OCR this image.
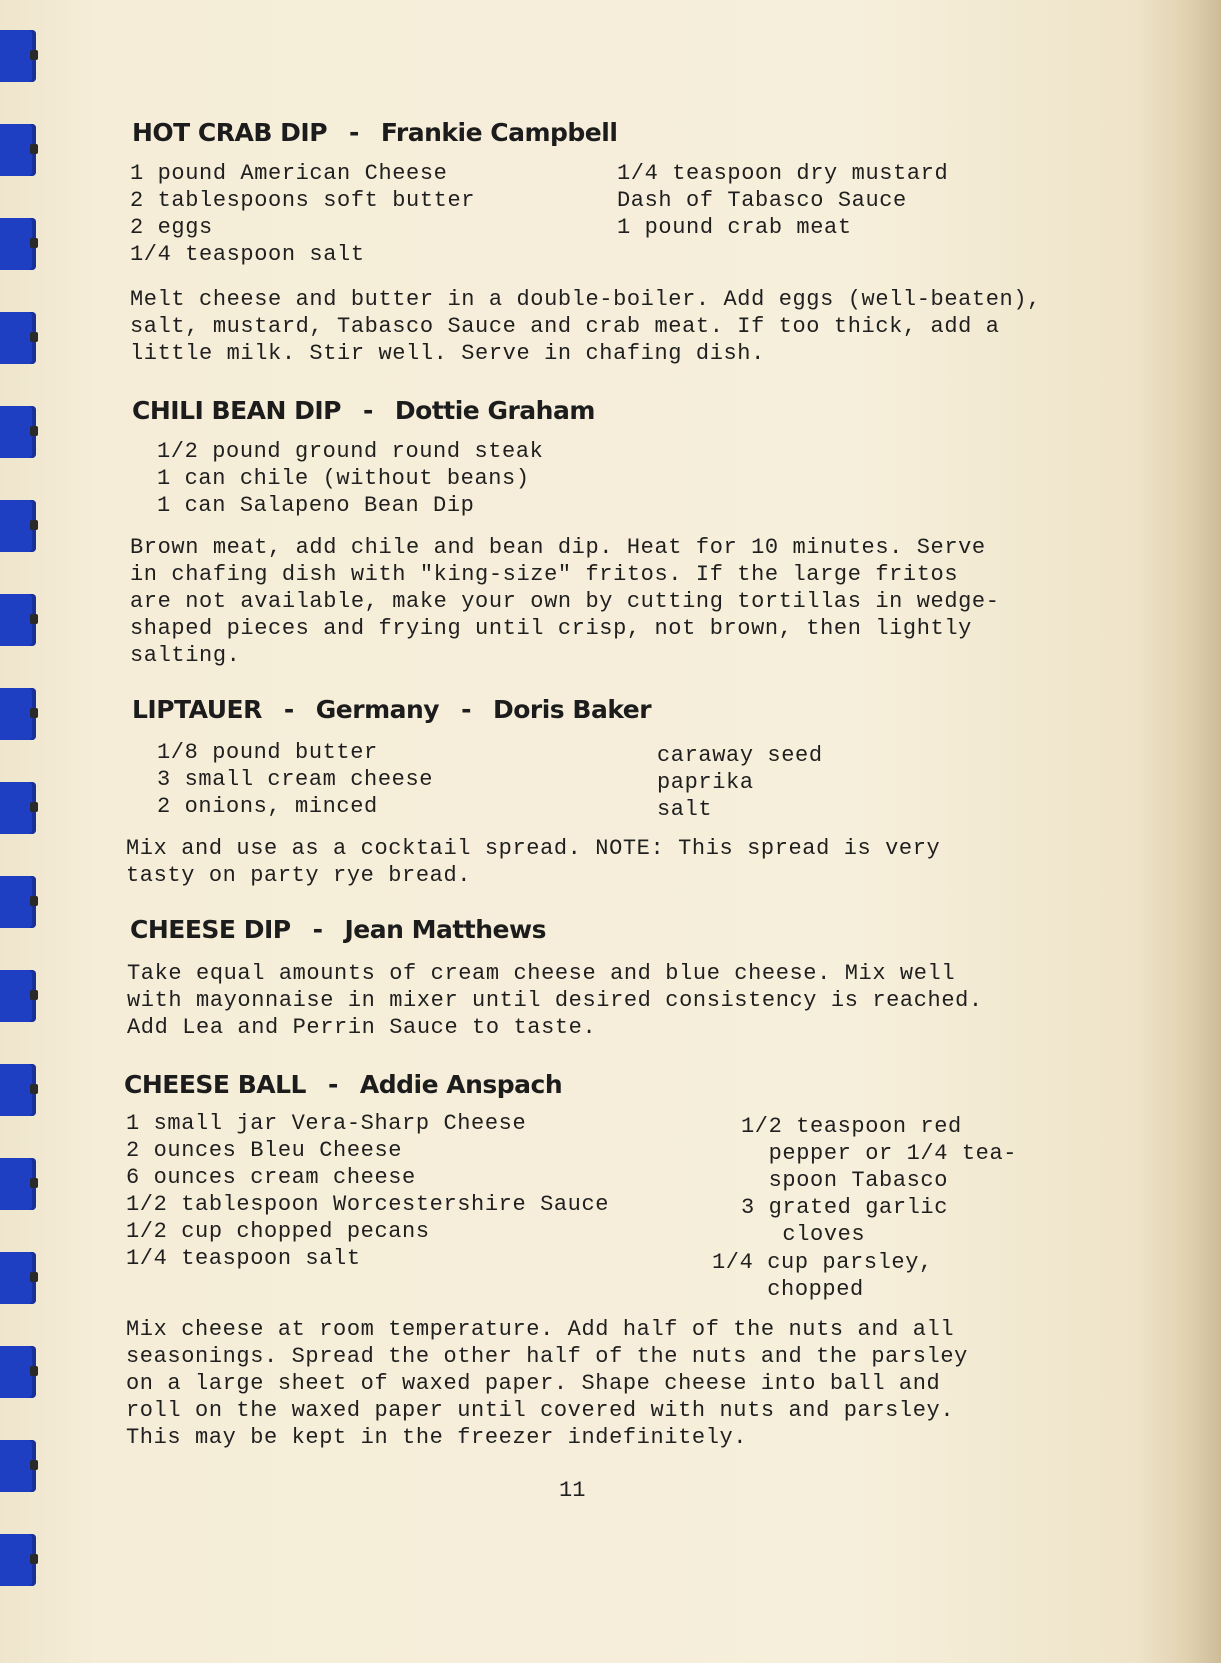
HOT CRAB DIP - Frankie Campbell
1 pound American Cheese
2 tablespoons soft butter
2 eggs
1/4 teaspoon salt
1/4 teaspoon dry mustard
Dash of Tabasco Sauce
1 pound crab meat
Melt cheese and butter in a double-boiler. Add eggs (well-beaten),
salt, mustard, Tabasco Sauce and crab meat. If too thick, add a
little milk. Stir well. Serve in chafing dish.
CHILI BEAN DIP - Dottie Graham
1/2 pound ground round steak
1 can chile (without beans)
1 can Salapeno Bean Dip
Brown meat, add chile and bean dip. Heat for 10 minutes. Serve
in chafing dish with "king-size" fritos. If the large fritos
are not available, make your own by cutting tortillas in wedge-
shaped pieces and frying until crisp, not brown, then lightly
salting.
LIPTAUER - Germany - Doris Baker
1/8 pound butter
3 small cream cheese
2 onions, minced
caraway seed
paprika
salt
Mix and use as a cocktail spread. NOTE: This spread is very
tasty on party rye bread.
CHEESE DIP - Jean Matthews
Take equal amounts of cream cheese and blue cheese. Mix well
with mayonnaise in mixer until desired consistency is reached.
Add Lea and Perrin Sauce to taste.
CHEESE BALL - Addie Anspach
1 small jar Vera-Sharp Cheese
2 ounces Bleu Cheese
6 ounces cream cheese
1/2 tablespoon Worcestershire Sauce
1/2 cup chopped pecans
1/4 teaspoon salt
1/2 teaspoon red
pepper or 1/4 tea-
spoon Tabasco
3 grated garlic
cloves
1/4 cup parsley,
chopped
Mix cheese at room temperature. Add half of the nuts and all
seasonings. Spread the other half of the nuts and the parsley
on a large sheet of waxed paper. Shape cheese into ball and
roll on the waxed paper until covered with nuts and parsley.
This may be kept in the freezer indefinitely.
11
